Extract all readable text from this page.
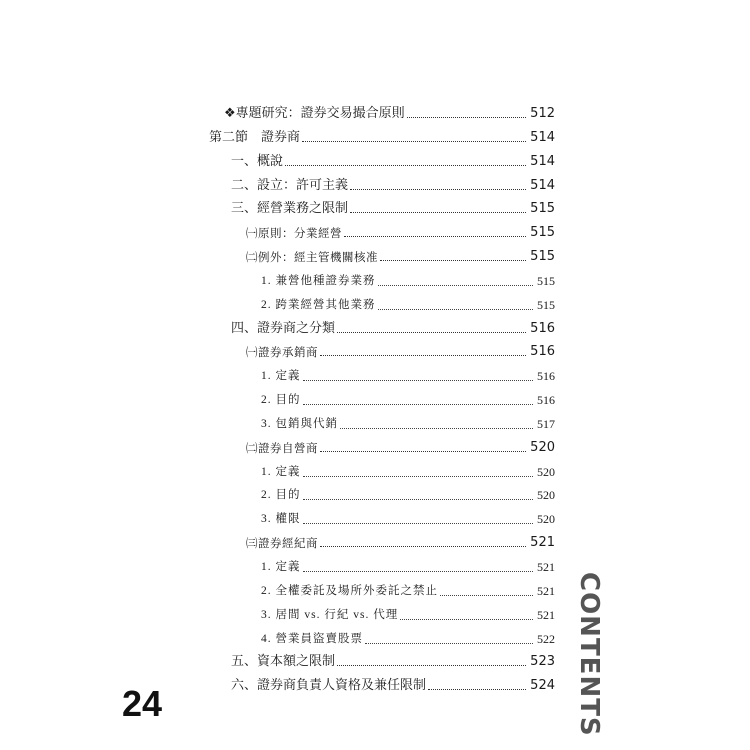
❖專題研究：證券交易撮合原則	512
第二節　證券商	514
一、概說	514
二、設立：許可主義	514
三、經營業務之限制	515
㈠原則：分業經營	515
㈡例外：經主管機關核准	515
1. 兼營他種證券業務	515
2. 跨業經營其他業務	515
四、證券商之分類	516
㈠證券承銷商	516
1. 定義	516
2. 目的	516
3. 包銷與代銷	517
㈡證券自營商	520
1. 定義	520
2. 目的	520
3. 權限	520
㈢證券經紀商	521
1. 定義	521
2. 全權委託及場所外委託之禁止	521
3. 居間 vs. 行紀 vs. 代理	521
4. 營業員盜賣股票	522
五、資本額之限制	523
六、證券商負責人資格及兼任限制	524
24	CONTENTS
